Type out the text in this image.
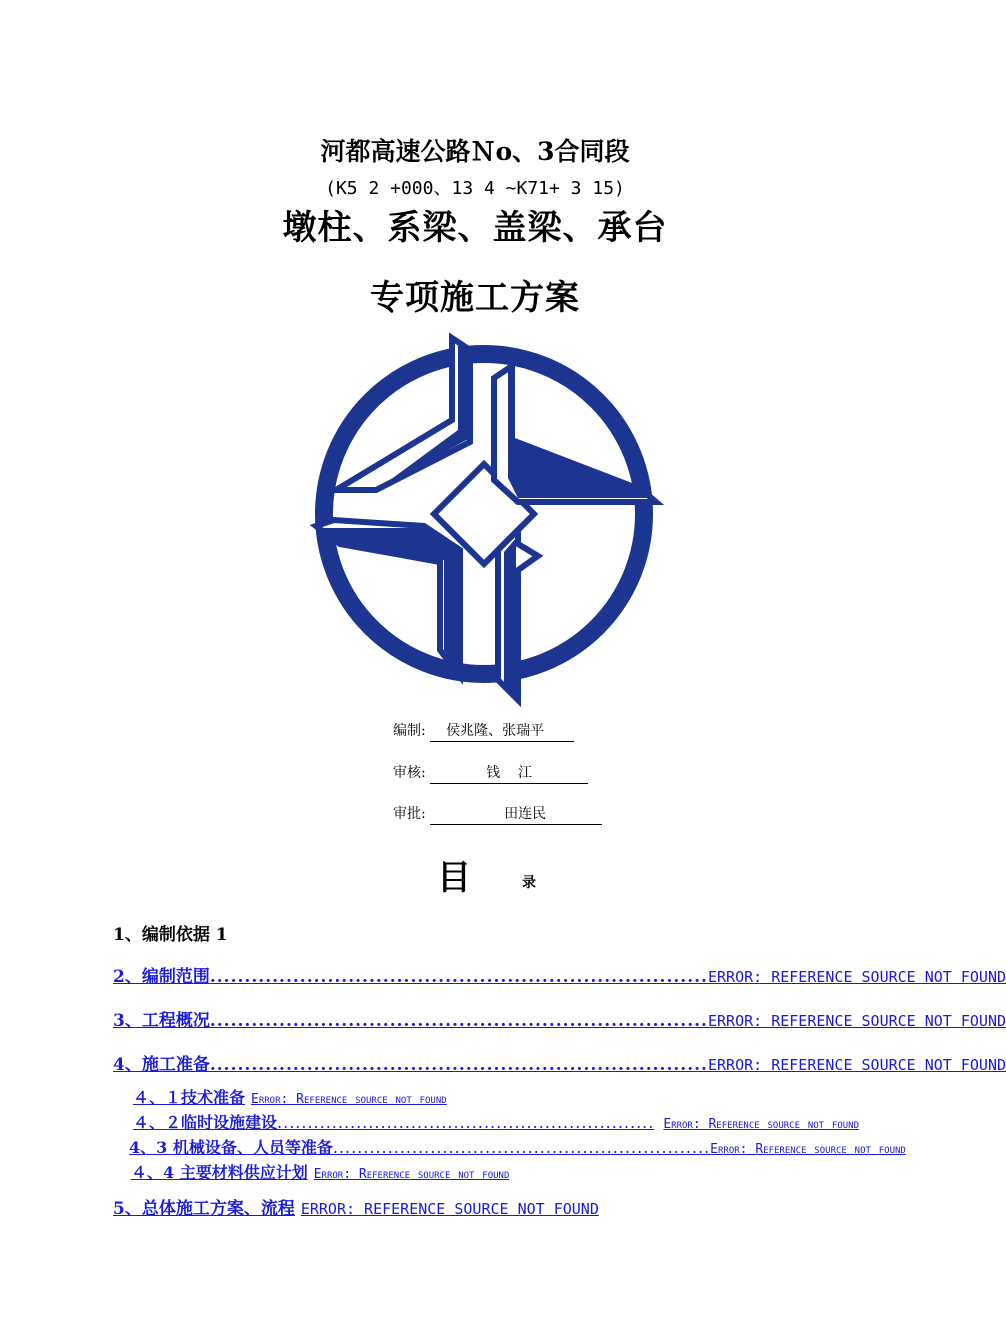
河都高速公路Ｎo、3合同段
(K5 2 +000、13 4 ~K71+ 3 15)
墩柱、系梁、盖梁、承台
专项施工方案
编制: 侯兆隆、张瑞平
审核:	钱    江
审批:	田连民
目	录
1、编制依据 1
2、编制范围 ........................................................................ ERROR: REFERENCE SOURCE NOT FOUND
3、工程概况 ........................................................................ ERROR: REFERENCE SOURCE NOT FOUND
4、施工准备 ........................................................................ ERROR: REFERENCE SOURCE NOT FOUND
４、１技术准备 Error: Reference source not found
４、２临时设施建设 .............................................................. Error: Reference source not found
4、3 机械设备、人员等准备 .............................................................. Error: Reference source not found
４、4 主要材料供应计划 Error: Reference source not found
5、总体施工方案、流程 ERROR: REFERENCE SOURCE NOT FOUND
